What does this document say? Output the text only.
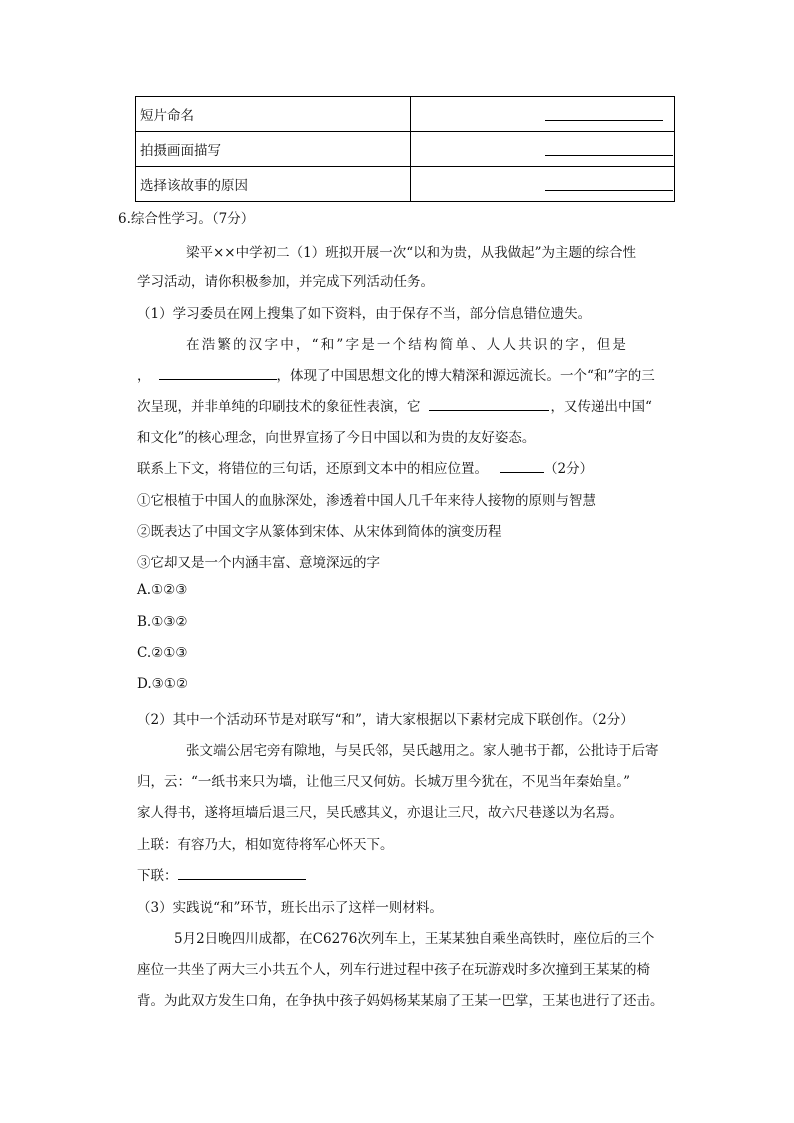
短片命名	

拍摄画面描写	

选择该故事的原因	
6.综合性学习。（7分）
梁平××中学初二（1）班拟开展一次“以和为贵，从我做起”为主题的综合性
学习活动，请你积极参加，并完成下列活动任务。
（1）学习委员在网上搜集了如下资料，由于保存不当，部分信息错位遗失。
在浩繁的汉字中，“和”字是一个结构简单、人人共识的字，但是
，	，体现了中国思想文化的博大精深和源远流长。一个“和”字的三
次呈现，并非单纯的印刷技术的象征性表演，它	，又传递出中国“
和文化”的核心理念，向世界宣扬了今日中国以和为贵的友好姿态。
联系上下文，将错位的三句话，还原到文本中的相应位置。	（2分）
①它根植于中国人的血脉深处，渗透着中国人几千年来待人接物的原则与智慧
②既表达了中国文字从篆体到宋体、从宋体到简体的演变历程
③它却又是一个内涵丰富、意境深远的字
A.①②③
B.①③②
C.②①③
D.③①②
（2）其中一个活动环节是对联写“和”，请大家根据以下素材完成下联创作。（2分）
张文端公居宅旁有隙地，与吴氏邻，吴氏越用之。家人驰书于都，公批诗于后寄
归，云：“一纸书来只为墙，让他三尺又何妨。长城万里今犹在，不见当年秦始皇。”
家人得书，遂将垣墙后退三尺，吴氏感其义，亦退让三尺，故六尺巷遂以为名焉。
上联：有容乃大，相如宽待将军心怀天下。
下联：
（3）实践说“和”环节，班长出示了这样一则材料。
5月2日晚四川成都，在C6276次列车上，王某某独自乘坐高铁时，座位后的三个
座位一共坐了两大三小共五个人，列车行进过程中孩子在玩游戏时多次撞到王某某的椅
背。为此双方发生口角，在争执中孩子妈妈杨某某扇了王某一巴掌，王某也进行了还击。
